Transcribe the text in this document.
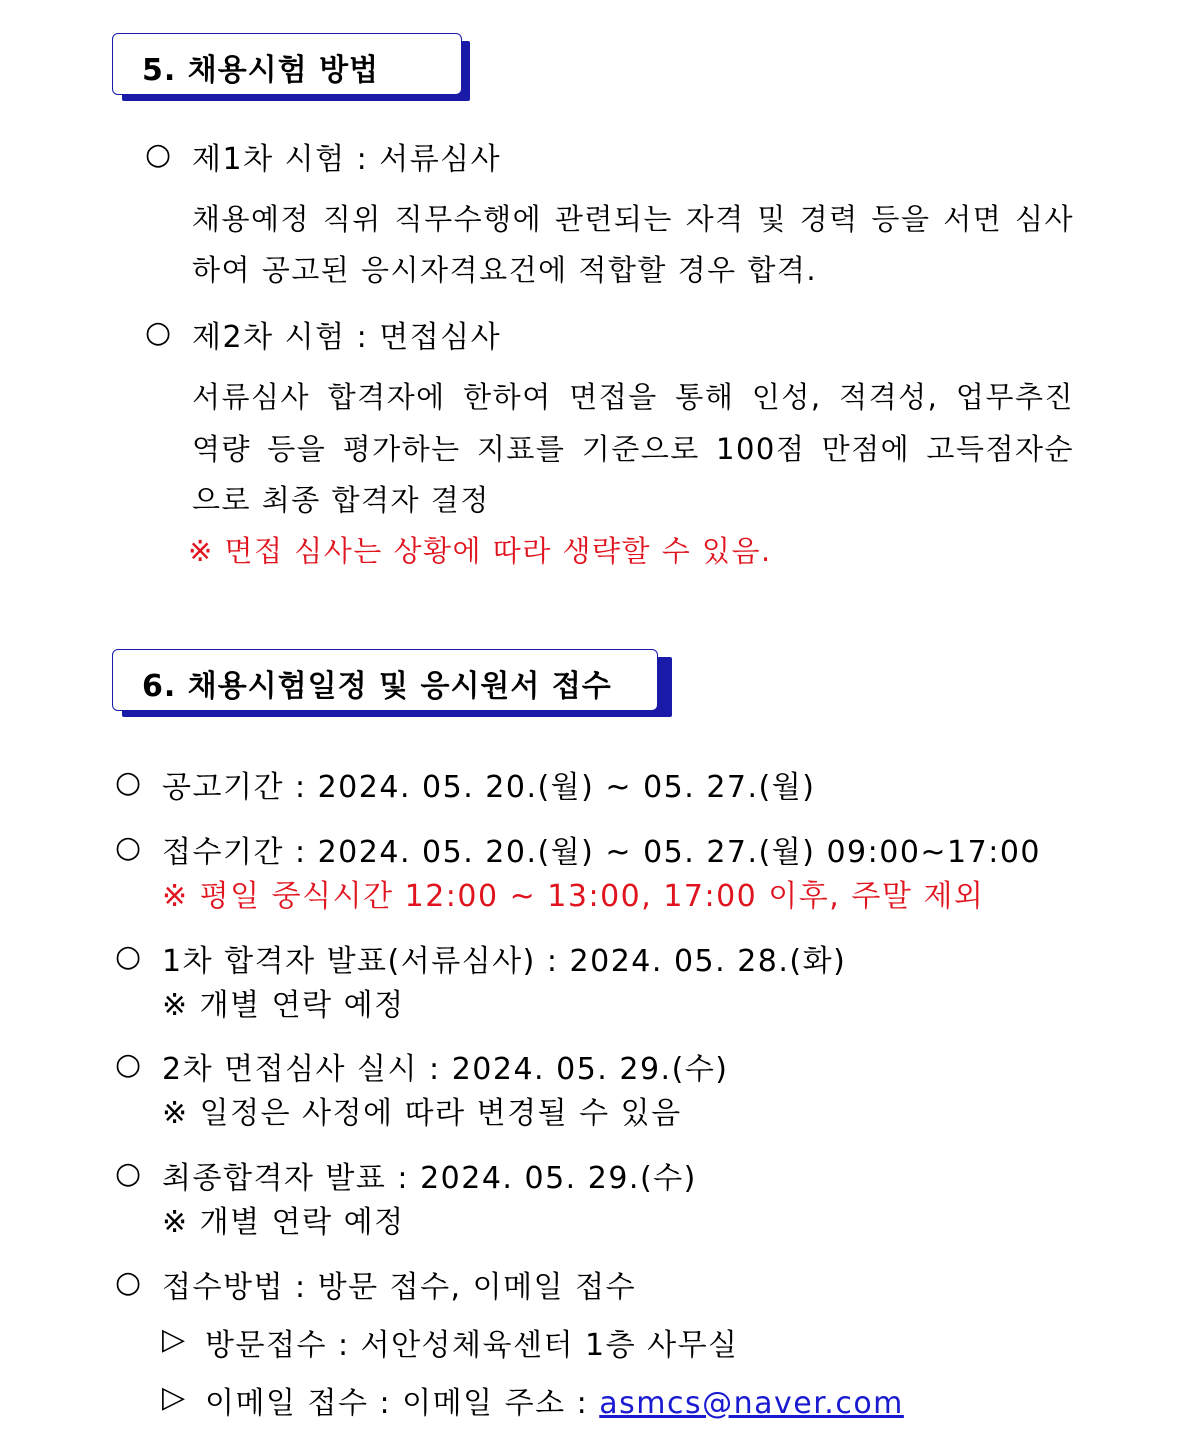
5. 채용시험 방법
○ 제1차 시험 : 서류심사
채용예정 직위 직무수행에 관련되는 자격 및 경력 등을 서면 심사
하여 공고된 응시자격요건에 적합할 경우 합격.
○ 제2차 시험 : 면접심사
서류심사 합격자에 한하여 면접을 통해 인성, 적격성, 업무추진
역량 등을 평가하는 지표를 기준으로 100점 만점에 고득점자순
으로 최종 합격자 결정
※ 면접 심사는 상황에 따라 생략할 수 있음.
6. 채용시험일정 및 응시원서 접수
○ 공고기간 : 2024. 05. 20.(월) ~ 05. 27.(월)
○ 접수기간 : 2024. 05. 20.(월) ~ 05. 27.(월) 09:00~17:00
※ 평일 중식시간 12:00 ~ 13:00, 17:00 이후, 주말 제외
○ 1차 합격자 발표(서류심사) : 2024. 05. 28.(화)
※ 개별 연락 예정
○ 2차 면접심사 실시 : 2024. 05. 29.(수)
※ 일정은 사정에 따라 변경될 수 있음
○ 최종합격자 발표 : 2024. 05. 29.(수)
※ 개별 연락 예정
○ 접수방법 : 방문 접수, 이메일 접수
▷ 방문접수 : 서안성체육센터 1층 사무실
▷ 이메일 접수 : 이메일 주소 : asmcs@naver.com
